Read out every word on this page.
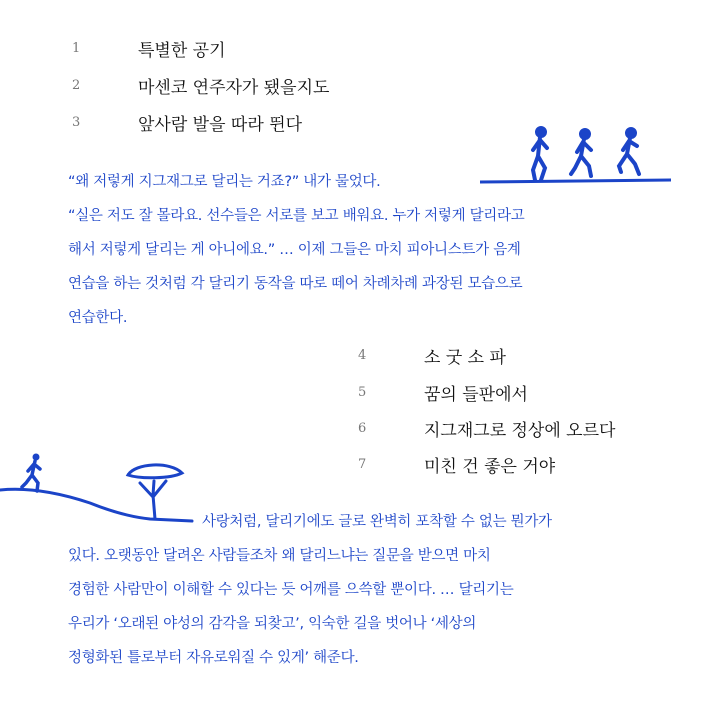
1	특별한 공기
2	마센코 연주자가 됐을지도
3	앞사람 발을 따라 뛴다
“왜 저렇게 지그재그로 달리는 거죠?” 내가 물었다.
“실은 저도 잘 몰라요. 선수들은 서로를 보고 배워요. 누가 저렇게 달리라고
해서 저렇게 달리는 게 아니에요.” … 이제 그들은 마치 피아니스트가 음계
연습을 하는 것처럼 각 달리기 동작을 따로 떼어 차례차례 과장된 모습으로
연습한다.
4	소 굿 소 파
5	꿈의 들판에서
6	지그재그로 정상에 오르다
7	미친 건 좋은 거야
사랑처럼, 달리기에도 글로 완벽히 포착할 수 없는 뭔가가
있다. 오랫동안 달려온 사람들조차 왜 달리느냐는 질문을 받으면 마치
경험한 사람만이 이해할 수 있다는 듯 어깨를 으쓱할 뿐이다. … 달리기는
우리가 ‘오래된 야성의 감각을 되찾고’, 익숙한 길을 벗어나 ‘세상의
정형화된 틀로부터 자유로워질 수 있게’ 해준다.
